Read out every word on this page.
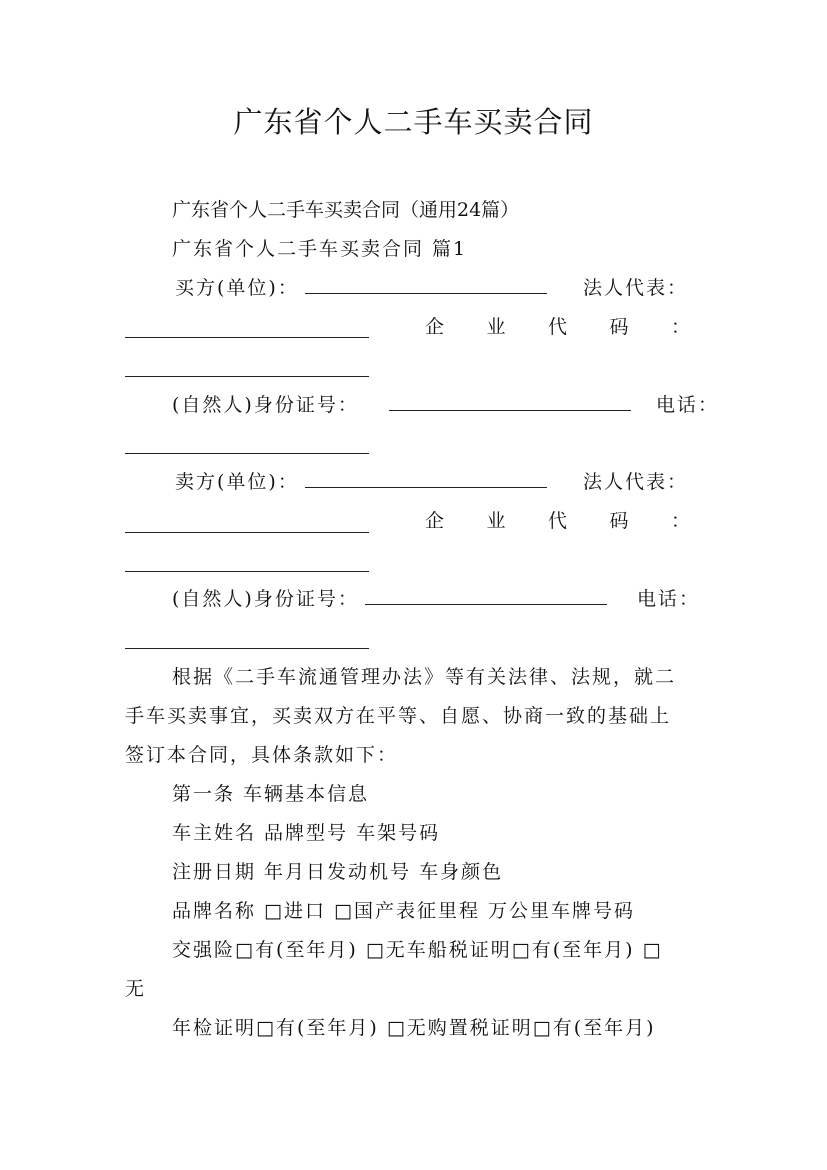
广东省个人二手车买卖合同
广东省个人二手车买卖合同（通用24篇）
广东省个人二手车买卖合同 篇1
买方(单位)：	法人代表：
企 业 代 码 ：
(自然人)身份证号：	电话：
卖方(单位)：	法人代表：
企 业 代 码 ：
(自然人)身份证号：	电话：
根据《二手车流通管理办法》等有关法律、法规，就二
手车买卖事宜，买卖双方在平等、自愿、协商一致的基础上
签订本合同，具体条款如下：
第一条 车辆基本信息
车主姓名 品牌型号 车架号码
注册日期 年月日发动机号 车身颜色
品牌名称 □进口 □国产表征里程 万公里车牌号码
交强险□有(至年月) □无车船税证明□有(至年月) □
无
年检证明□有(至年月) □无购置税证明□有(至年月)
